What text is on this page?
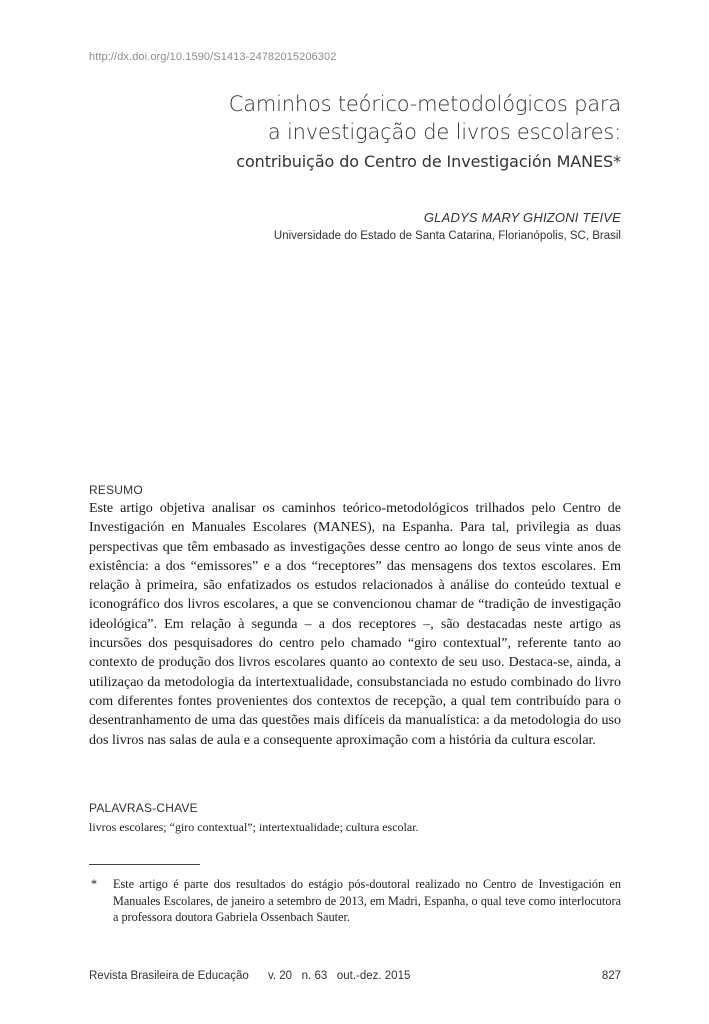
http://dx.doi.org/10.1590/S1413-24782015206302
Caminhos teórico-metodológicos para
a investigação de livros escolares:
contribuição do Centro de Investigación MANES*
GLADYS MARY GHIZONI TEIVE
Universidade do Estado de Santa Catarina, Florianópolis, SC, Brasil
RESUMO

Este artigo objetiva analisar os caminhos teórico-metodológicos trilhados pelo Centro de Investigación en Manuales Escolares (MANES), na Espanha. Para tal, privilegia as duas perspectivas que têm embasado as investigações desse centro ao longo de seus vinte anos de existência: a dos “emissores” e a dos “receptores” das mensagens dos textos escolares. Em relação à primeira, são enfatizados os estudos relacionados à análise do conteúdo textual e iconográfico dos livros escolares, a que se convencionou chamar de “tradição de investigação ideológica”. Em relação à segunda – a dos receptores –, são destacadas neste artigo as incursões dos pesquisadores do centro pelo chamado “giro contextual”, referente tanto ao contexto de produção dos livros escolares quanto ao contexto de seu uso. Destaca-se, ainda, a utilizaçao da metodologia da intertextualidade, consubstanciada no estudo combinado do livro com diferentes fontes provenientes dos contextos de recepção, a qual tem contribuído para o desentranhamento de uma das questões mais difíceis da manualística: a da metodologia do uso dos livros nas salas de aula e a consequente aproximação com a história da cultura escolar.

PALAVRAS-CHAVE
livros escolares; “giro contextual”; intertextualidade; cultura escolar.
*	Este artigo é parte dos resultados do estágio pós-doutoral realizado no Centro de Investigación en Manuales Escolares, de janeiro a setembro de 2013, em Madri, Espanha, o qual teve como interlocutora a professora doutora Gabriela Ossenbach Sauter.
Revista Brasileira de Educação v. 20 n. 63 out.-dez. 2015	827
